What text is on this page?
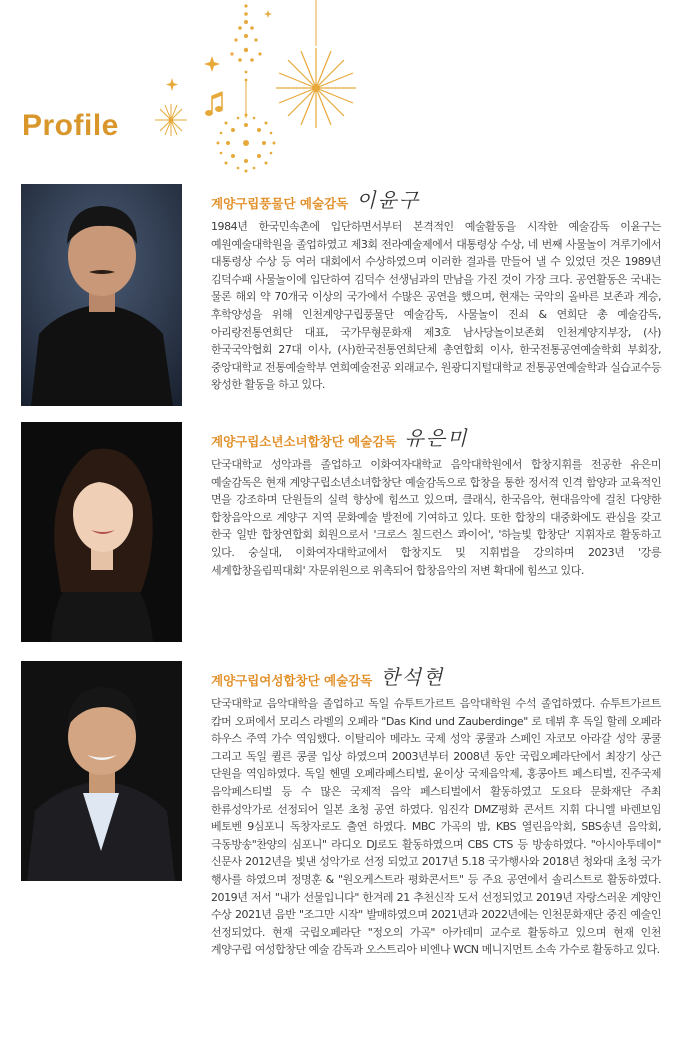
Profile
계양구립풍물단 예술감독 이윤구
1984년 한국민속촌에 입단하면서부터 본격적인 예술활동을 시작한 예술감독 이윤구는 예원예술대학원을 졸업하였고 제3회 전라예술제에서 대통령상 수상, 네 번째 사물놀이 겨루기에서 대통령상 수상 등 여러 대회에서 수상하였으며 이러한 결과를 만들어 낼 수 있었던 것은 1989년 김덕수패 사물놀이에 입단하여 김덕수 선생님과의 만남을 가진 것이 가장 크다. 공연활동은 국내는 물론 해외 약 70개국 이상의 국가에서 수많은 공연을 했으며, 현재는 국악의 올바른 보존과 계승, 후학양성을 위해 인천계양구립풍물단 예술감독, 사물놀이 진쇠 & 연희단 총 예술감독, 아리랑전통연희단 대표, 국가무형문화재 제3호 남사당놀이보존회 인천계양지부장, (사)한국국악협회 27대 이사, (사)한국전통연희단체 총연합회 이사, 한국전통공연예술학회 부회장, 중앙대학교 전통예술학부 연희예술전공 외래교수, 원광디지털대학교 전통공연예술학과 실습교수등 왕성한 활동을 하고 있다.
계양구립소년소녀합창단 예술감독 유은미
단국대학교 성악과를 졸업하고 이화여자대학교 음악대학원에서 합창지휘를 전공한 유은미 예술감독은 현재 계양구립소년소녀합창단 예술감독으로 합창을 통한 정서적 인격 함양과 교육적인 면을 강조하며 단원들의 실력 향상에 힘쓰고 있으며, 클래식, 한국음악, 현대음악에 걸친 다양한 합창음악으로 계양구 지역 문화예술 발전에 기여하고 있다. 또한 합창의 대중화에도 관심을 갖고 한국 일반 합창연합회 회원으로서 '크로스 칠드런스 콰이어', '하늘빛 합창단' 지휘자로 활동하고 있다. 숭실대, 이화여자대학교에서 합창지도 및 지휘법을 강의하며 2023년 '강릉 세계합창올림픽대회' 자문위원으로 위촉되어 합창음악의 저변 확대에 힘쓰고 있다.
계양구립여성합창단 예술감독 한석현
단국대학교 음악대학을 졸업하고 독일 슈투트가르트 음악대학원 수석 졸업하였다. 슈투트가르트 캄머 오퍼에서 모리스 라벨의 오페라 "Das Kind und Zauberdinge" 로 데뷔 후 독일 할레 오페라 하우스 주역 가수 역임했다. 이탈리아 메라노 국제 성악 콩쿨과 스페인 자코모 아라갈 성악 콩쿨 그리고 독일 퀼른 콩쿨 입상 하였으며 2003년부터 2008년 동안 국립오페라단에서 최장기 상근 단원을 역임하였다. 독일 헨델 오페라페스티벌, 윤이상 국제음악제, 홍콩아트 페스티벌, 진주국제 음악페스티벌 등 수 많은 국제적 음악 페스티벌에서 활동하였고 도요타 문화재단 주최 한류성악가로 선정되어 일본 초청 공연 하였다. 임진각 DMZ평화 콘서트 지휘 다니엘 바렌보임 베토벤 9심포니 독창자로도 출연 하였다. MBC 가곡의 밤, KBS 열린음악회, SBS송년 음악회, 극동방송"찬양의 심포니" 라디오 DJ로도 활동하였으며 CBS CTS 등 방송하였다. "아시아투데이" 신문사 2012년을 빛낸 성악가로 선정 되었고 2017년 5.18 국가행사와 2018년 청와대 초청 국가 행사를 하였으며 정명훈 & "원오케스트라 평화콘서트" 등 주요 공연에서 솔리스트로 활동하였다. 2019년 저서 "내가 선물입니다" 한겨레 21 추천신작 도서 선정되었고 2019년 자랑스러운 계양인 수상 2021년 음반 "조그만 시작" 발매하였으며 2021년과 2022년에는 인천문화재단 중진 예술인 선정되었다. 현재 국립오페라단 "정오의 가곡" 아카데미 교수로 활동하고 있으며 현재 인천 계양구립 여성합창단 예술 감독과 오스트리아 비엔나 WCN 메니지먼트 소속 가수로 활동하고 있다.
